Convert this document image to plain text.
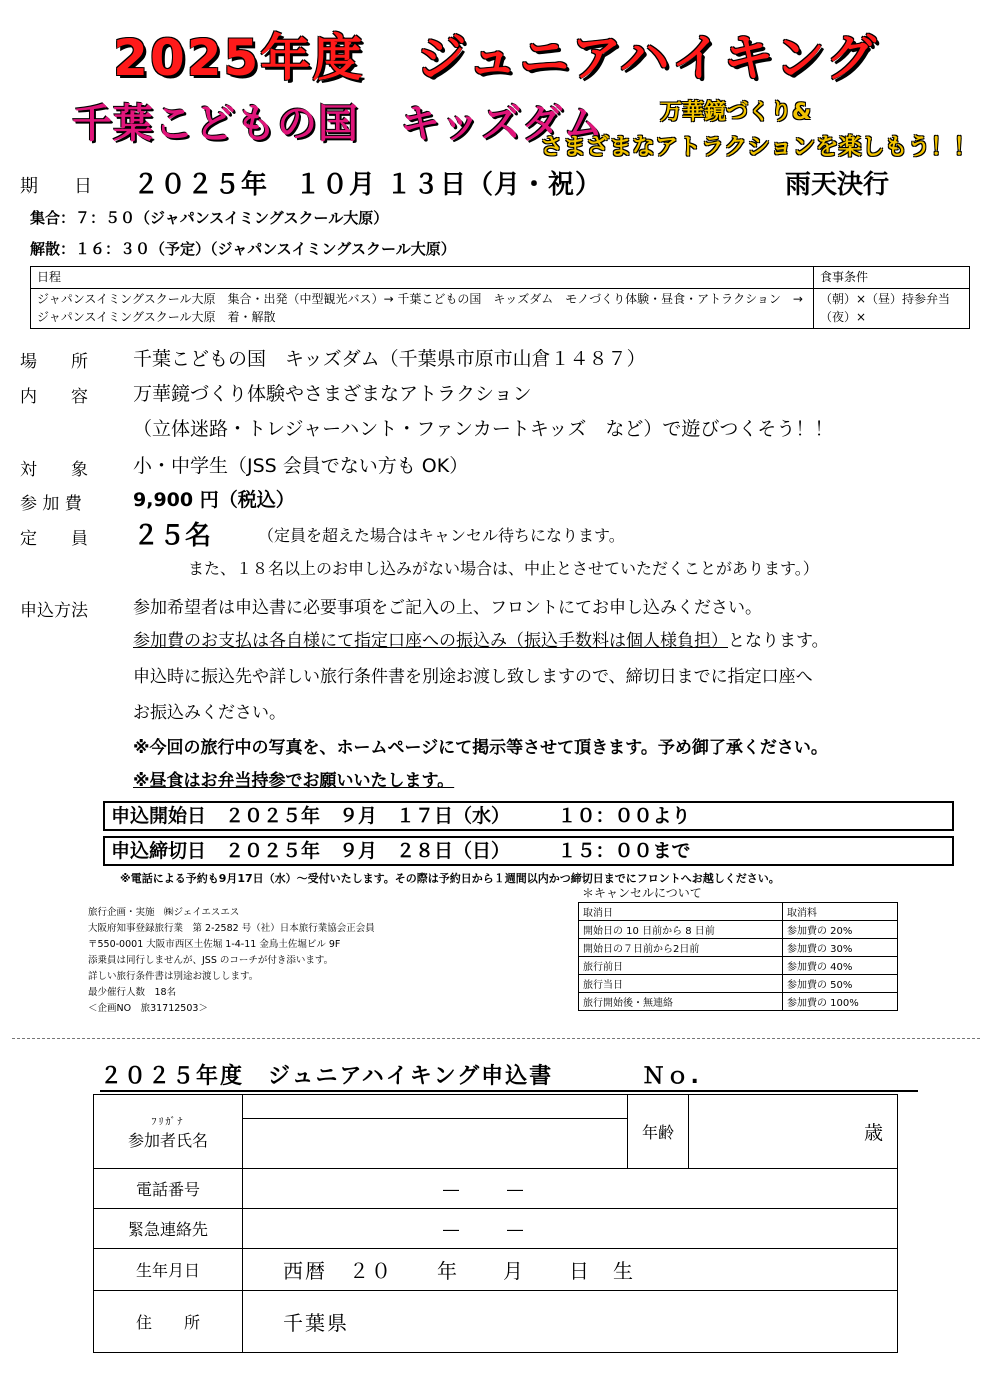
2025年度　ジュニアハイキング
千葉こどもの国　キッズダム	万華鏡づくり&
さまざまなアトラクションを楽しもう！！
期　　日 ２０２５年　１０月 １３日（月・祝）	雨天決行
集合：７：５０（ジャパンスイミングスクール大原）
解散：１６：３０（予定）（ジャパンスイミングスクール大原）
日程	食事条件
ジャパンスイミングスクール大原　集合・出発（中型観光バス）→ 千葉こどもの国　キッズダム　モノづくり体験・昼食・アトラクション　→ ジャパンスイミングスクール大原　着・解散	（朝）×（昼）持参弁当
（夜）×
場　　所 千葉こどもの国　キッズダム（千葉県市原市山倉１４８７）
内　　容 万華鏡づくり体験やさまざまなアトラクション
（立体迷路・トレジャーハント・ファンカートキッズ　など）で遊びつくそう！！
対　　象 小・中学生（JSS 会員でない方も OK）
参 加 費	9,900 円（税込）
定　　員 ２５名	（定員を超えた場合はキャンセル待ちになります。
また、１８名以上のお申し込みがない場合は、中止とさせていただくことがあります。）
申込方法	参加希望者は申込書に必要事項をご記入の上、フロントにてお申し込みください。
参加費のお支払は各自様にて指定口座への振込み（振込手数料は個人様負担）となります。
申込時に振込先や詳しい旅行条件書を別途お渡し致しますので、締切日までに指定口座へ
お振込みください。
※今回の旅行中の写真を、ホームページにて掲示等させて頂きます。予め御了承ください。
※昼食はお弁当持参でお願いいたします。
申込開始日　２０２５年　９月　１７日（水）　　　１０：００より
申込締切日　２０２５年　９月　２８日（日）　　　１５：００まで
※電話による予約も9月17日（水）～受付いたします。その際は予約日から１週間以内かつ締切日までにフロントへお越しください。
旅行企画・実施　㈱ジェイエスエス
大阪府知事登録旅行業　第 2-2582 号（社）日本旅行業協会正会員
〒550-0001 大阪市西区土佐堀 1-4-11 金鳥土佐堀ビル 9F
添乗員は同行しませんが、JSS のコーチが付き添います。
詳しい旅行条件書は別途お渡しします。
最少催行人数　18名
＜企画NO　旅31712503＞
＊キャンセルについて
取消日	取消料
開始日の 10 日前から 8 日前	参加費の 20%
開始日の７日前から2日前	参加費の 30%
旅行前日	参加費の 40%
旅行当日	参加費の 50%
旅行開始後・無連絡	参加費の 100%
２０２５年度　ジュニアハイキング申込書	Ｎｏ.
ﾌﾘｶﾞﾅ
参加者氏名		年齢	歳

電話番号	―　　　―		
緊急連絡先	―　　　―		
生年月日	西暦　２０　　年　　月　　日　生		
住　　所	千葉県		
